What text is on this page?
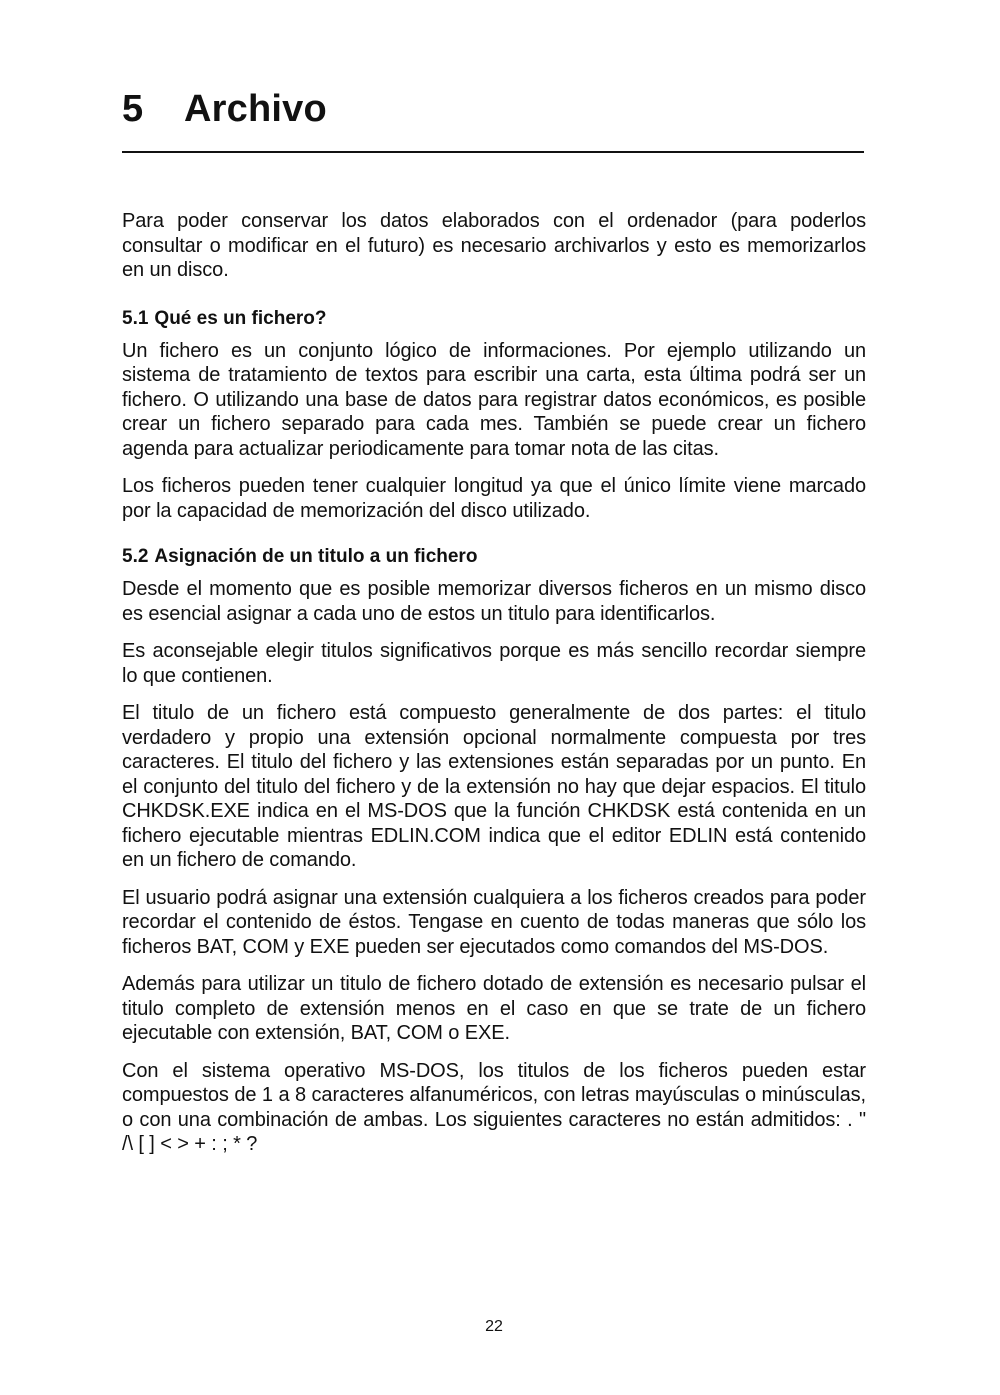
5 Archivo

Para poder conservar los datos elaborados con el ordenador (para poderlos consultar o modificar en el futuro) es necesario archivarlos y esto es memorizarlos en un disco.

5.1 Qué es un fichero?

Un fichero es un conjunto lógico de informaciones. Por ejemplo utilizando un sistema de tratamiento de textos para escribir una carta, esta última podrá ser un fichero. O utilizando una base de datos para registrar datos económicos, es posible crear un fichero separado para cada mes. También se puede crear un fichero agenda para actualizar periodicamente para tomar nota de las citas.

Los ficheros pueden tener cualquier longitud ya que el único límite viene marcado por la capacidad de memorización del disco utilizado.

5.2 Asignación de un titulo a un fichero

Desde el momento que es posible memorizar diversos ficheros en un mismo disco es esencial asignar a cada uno de estos un titulo para identificarlos.

Es aconsejable elegir titulos significativos porque es más sencillo recordar siempre lo que contienen.

El titulo de un fichero está compuesto generalmente de dos partes: el titulo verdadero y propio una extensión opcional normalmente compuesta por tres caracteres. El titulo del fichero y las extensiones están separadas por un punto. En el conjunto del titulo del fichero y de la extensión no hay que dejar espacios. El titulo CHKDSK.EXE indica en el MS-DOS que la función CHKDSK está contenida en un fichero ejecutable mientras EDLIN.COM indica que el editor EDLIN está contenido en un fichero de comando.

El usuario podrá asignar una extensión cualquiera a los ficheros creados para poder recordar el contenido de éstos. Tengase en cuento de todas maneras que sólo los ficheros BAT, COM y EXE pueden ser ejecutados como comandos del MS-DOS.

Además para utilizar un titulo de fichero dotado de extensión es necesario pulsar el titulo completo de extensión menos en el caso en que se trate de un fichero ejecutable con extensión, BAT, COM o EXE.

Con el sistema operativo MS-DOS, los titulos de los ficheros pueden estar compuestos de 1 a 8 caracteres alfanuméricos, con letras mayúsculas o minúsculas, o con una combinación de ambas. Los siguientes caracteres no están admitidos: . " /\ [ ] < > + : ; * ?

22
